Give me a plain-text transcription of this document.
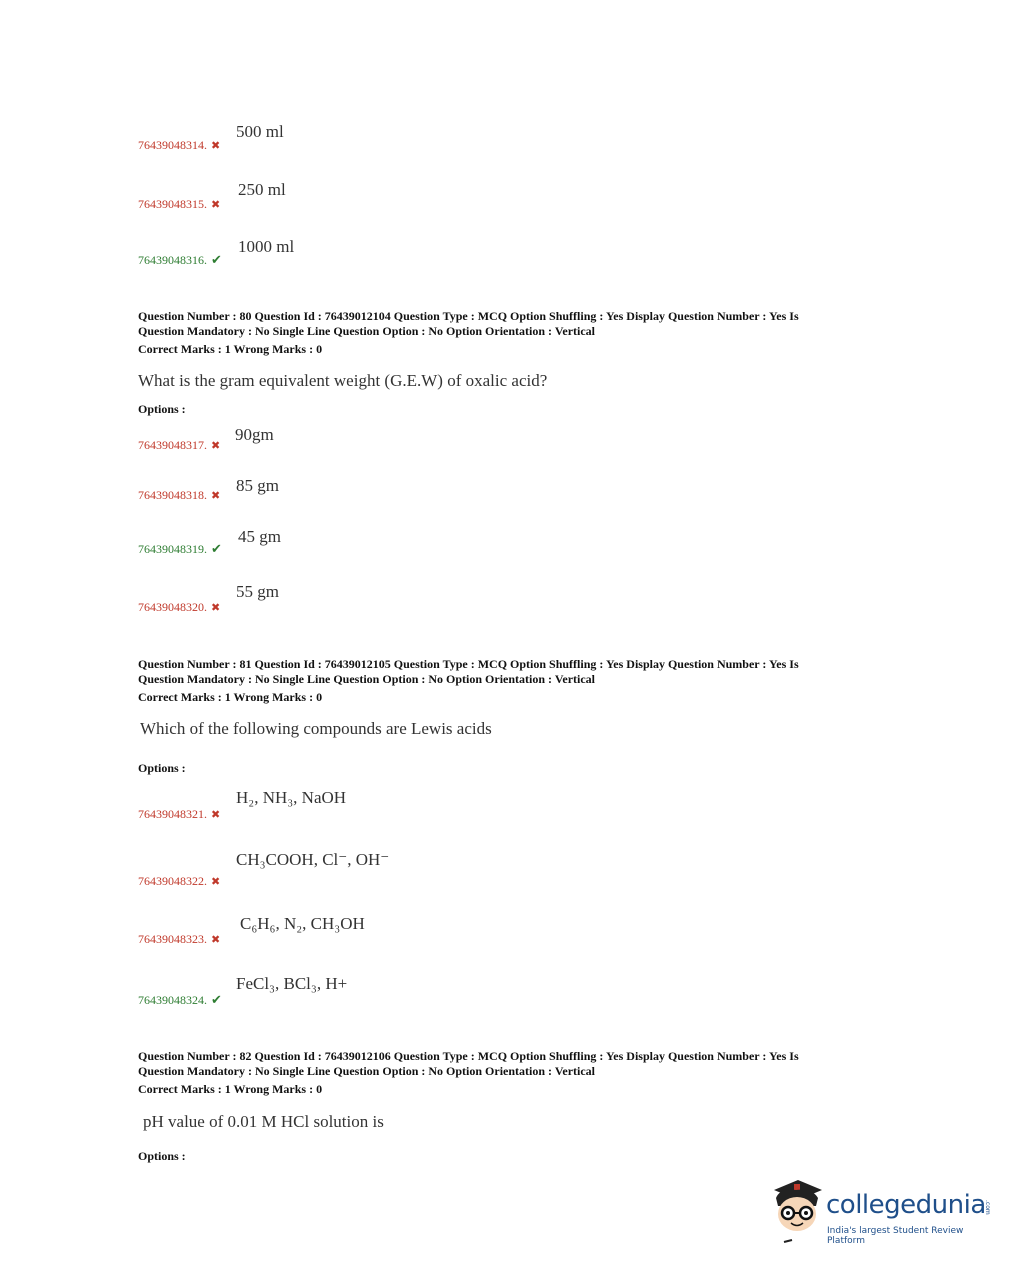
500 ml
76439048314. ✖
250 ml
76439048315. ✖
1000 ml
76439048316. ✔
Question Number : 80 Question Id : 76439012104 Question Type : MCQ Option Shuffling : Yes Display Question Number : Yes Is
Question Mandatory : No Single Line Question Option : No Option Orientation : Vertical
Correct Marks : 1 Wrong Marks : 0
What is the gram equivalent weight (G.E.W) of oxalic acid?
Options :
90gm
76439048317. ✖
85 gm
76439048318. ✖
45 gm
76439048319. ✔
55 gm
76439048320. ✖
Question Number : 81 Question Id : 76439012105 Question Type : MCQ Option Shuffling : Yes Display Question Number : Yes Is
Question Mandatory : No Single Line Question Option : No Option Orientation : Vertical
Correct Marks : 1 Wrong Marks : 0
Which of the following compounds are Lewis acids
Options :
H₂, NH₃, NaOH
76439048321. ✖
CH₃COOH, Cl⁻, OH⁻
76439048322. ✖
C₆H₆, N₂, CH₃OH
76439048323. ✖
FeCl₃, BCl₃, H+
76439048324. ✔
Question Number : 82 Question Id : 76439012106 Question Type : MCQ Option Shuffling : Yes Display Question Number : Yes Is
Question Mandatory : No Single Line Question Option : No Option Orientation : Vertical
Correct Marks : 1 Wrong Marks : 0
pH value of 0.01 M HCl solution is
Options :
collegedunia
.com
India's largest Student Review Platform
